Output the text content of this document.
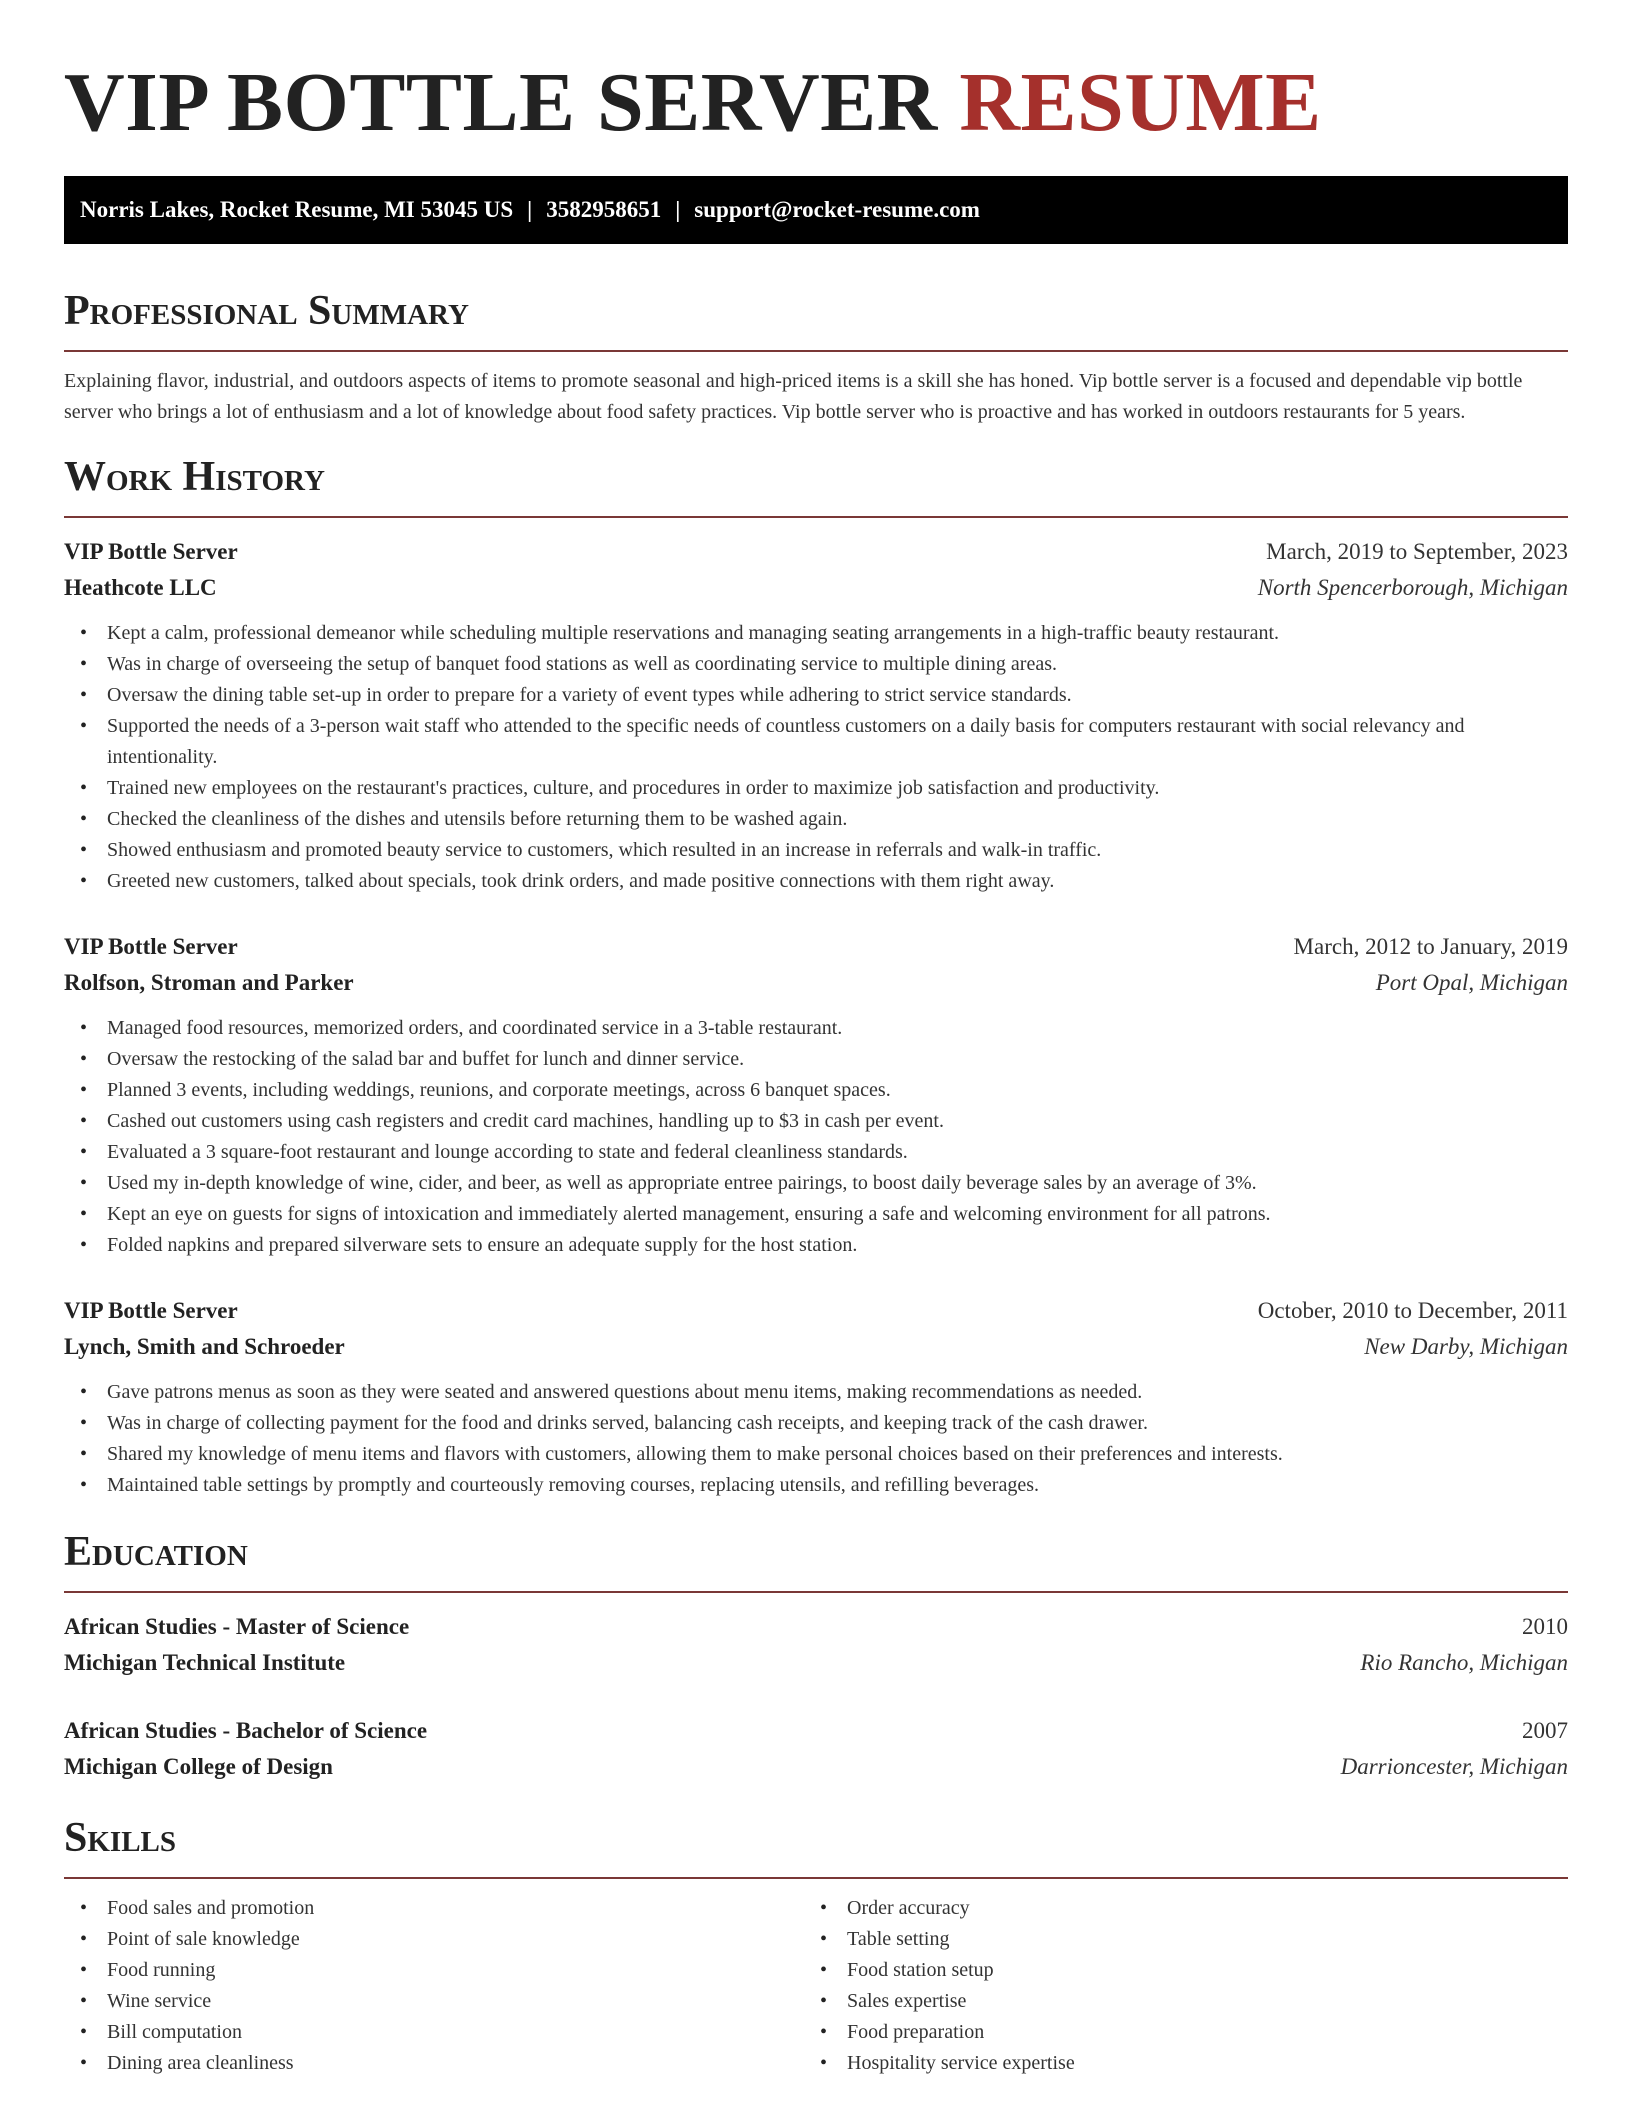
VIP BOTTLE SERVER RESUME
Norris Lakes, Rocket Resume, MI 53045 US | 3582958651 | support@rocket-resume.com
Professional Summary

Explaining flavor, industrial, and outdoors aspects of items to promote seasonal and high-priced items is a skill she has honed. Vip bottle server is a focused and dependable vip bottle server who brings a lot of enthusiasm and a lot of knowledge about food safety practices. Vip bottle server who is proactive and has worked in outdoors restaurants for 5 years.

Work History
VIP Bottle Server	March, 2019 to September, 2023
Heathcote LLC	North Spencerborough, Michigan
• Kept a calm, professional demeanor while scheduling multiple reservations and managing seating arrangements in a high-traffic beauty restaurant.
• Was in charge of overseeing the setup of banquet food stations as well as coordinating service to multiple dining areas.
• Oversaw the dining table set-up in order to prepare for a variety of event types while adhering to strict service standards.
• Supported the needs of a 3-person wait staff who attended to the specific needs of countless customers on a daily basis for computers restaurant with social relevancy and intentionality.
• Trained new employees on the restaurant's practices, culture, and procedures in order to maximize job satisfaction and productivity.
• Checked the cleanliness of the dishes and utensils before returning them to be washed again.
• Showed enthusiasm and promoted beauty service to customers, which resulted in an increase in referrals and walk-in traffic.
• Greeted new customers, talked about specials, took drink orders, and made positive connections with them right away.
VIP Bottle Server	March, 2012 to January, 2019
Rolfson, Stroman and Parker	Port Opal, Michigan
• Managed food resources, memorized orders, and coordinated service in a 3-table restaurant.
• Oversaw the restocking of the salad bar and buffet for lunch and dinner service.
• Planned 3 events, including weddings, reunions, and corporate meetings, across 6 banquet spaces.
• Cashed out customers using cash registers and credit card machines, handling up to $3 in cash per event.
• Evaluated a 3 square-foot restaurant and lounge according to state and federal cleanliness standards.
• Used my in-depth knowledge of wine, cider, and beer, as well as appropriate entree pairings, to boost daily beverage sales by an average of 3%.
• Kept an eye on guests for signs of intoxication and immediately alerted management, ensuring a safe and welcoming environment for all patrons.
• Folded napkins and prepared silverware sets to ensure an adequate supply for the host station.
VIP Bottle Server	October, 2010 to December, 2011
Lynch, Smith and Schroeder	New Darby, Michigan
• Gave patrons menus as soon as they were seated and answered questions about menu items, making recommendations as needed.
• Was in charge of collecting payment for the food and drinks served, balancing cash receipts, and keeping track of the cash drawer.
• Shared my knowledge of menu items and flavors with customers, allowing them to make personal choices based on their preferences and interests.
• Maintained table settings by promptly and courteously removing courses, replacing utensils, and refilling beverages.
Education
African Studies - Master of Science	2010
Michigan Technical Institute	Rio Rancho, Michigan
African Studies - Bachelor of Science	2007
Michigan College of Design	Darrioncester, Michigan
Skills
• Food sales and promotion
• Point of sale knowledge
• Food running
• Wine service
• Bill computation
• Dining area cleanliness
• Order accuracy
• Table setting
• Food station setup
• Sales expertise
• Food preparation
• Hospitality service expertise
